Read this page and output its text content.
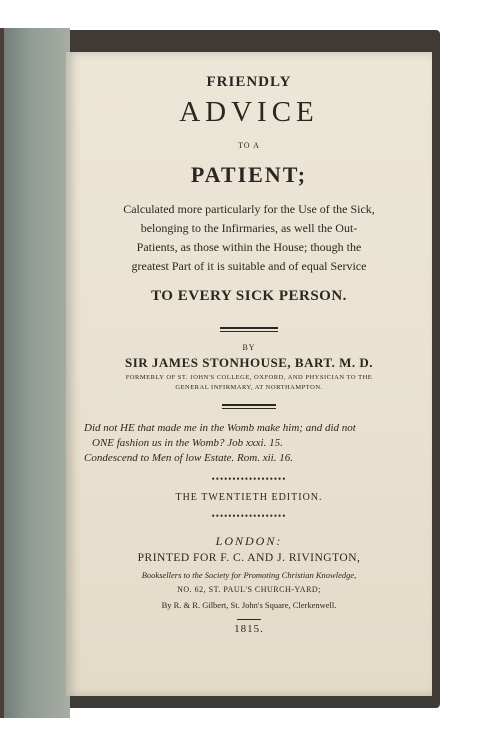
FRIENDLY
ADVICE
TO A
PATIENT;
Calculated more particularly for the Use of the Sick,
belonging to the Infirmaries, as well the Out-
Patients, as those within the House; though the
greatest Part of it is suitable and of equal Service
TO EVERY SICK PERSON.
BY
SIR JAMES STONHOUSE, BART. M. D.
FORMERLY OF ST. JOHN'S COLLEGE, OXFORD, AND PHYSICIAN TO THE
GENERAL INFIRMARY, AT NORTHAMPTON.
Did not HE that made me in the Womb make him; and did not
ONE fashion us in the Womb? Job xxxi. 15.
Condescend to Men of low Estate. Rom. xii. 16.
••••••••••••••••••
THE TWENTIETH EDITION.
••••••••••••••••••
LONDON:
PRINTED FOR F. C. AND J. RIVINGTON,
Booksellers to the Society for Promoting Christian Knowledge,
NO. 62, ST. PAUL'S CHURCH-YARD;
By R. & R. Gilbert, St. John's Square, Clerkenwell.
1815.
